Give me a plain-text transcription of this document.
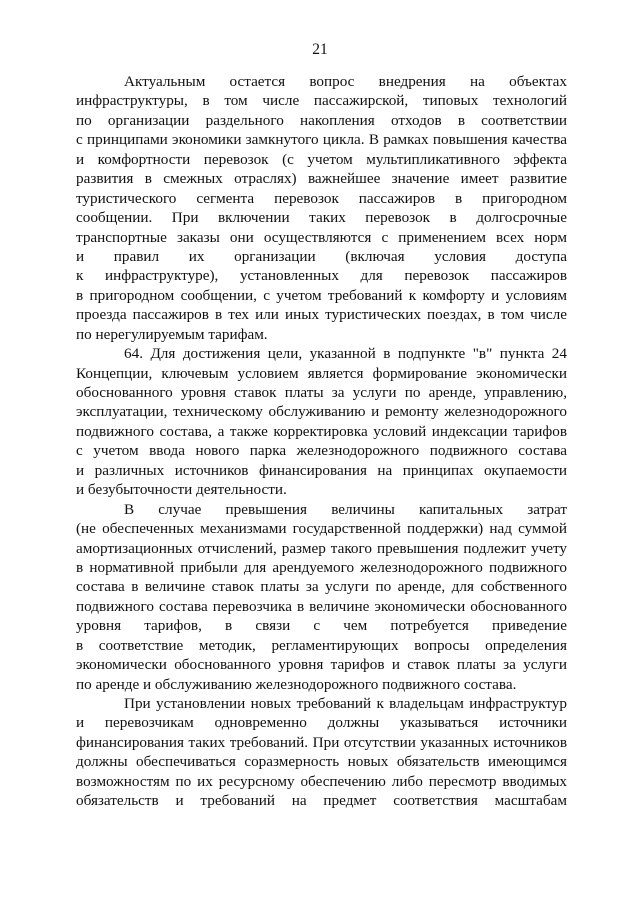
21
Актуальным остается вопрос внедрения на объектах
инфраструктуры, в том числе пассажирской, типовых технологий
по организации раздельного накопления отходов в соответствии
с принципами экономики замкнутого цикла. В рамках повышения качества
и комфортности перевозок (с учетом мультипликативного эффекта
развития в смежных отраслях) важнейшее значение имеет развитие
туристического сегмента перевозок пассажиров в пригородном
сообщении. При включении таких перевозок в долгосрочные
транспортные заказы они осуществляются с применением всех норм
и правил их организации (включая условия доступа
к инфраструктуре), установленных для перевозок пассажиров
в пригородном сообщении, с учетом требований к комфорту и условиям
проезда пассажиров в тех или иных туристических поездах, в том числе
по нерегулируемым тарифам.
64. Для достижения цели, указанной в подпункте "в" пункта 24
Концепции, ключевым условием является формирование экономически
обоснованного уровня ставок платы за услуги по аренде, управлению,
эксплуатации, техническому обслуживанию и ремонту железнодорожного
подвижного состава, а также корректировка условий индексации тарифов
с учетом ввода нового парка железнодорожного подвижного состава
и различных источников финансирования на принципах окупаемости
и безубыточности деятельности.
В случае превышения величины капитальных затрат
(не обеспеченных механизмами государственной поддержки) над суммой
амортизационных отчислений, размер такого превышения подлежит учету
в нормативной прибыли для арендуемого железнодорожного подвижного
состава в величине ставок платы за услуги по аренде, для собственного
подвижного состава перевозчика в величине экономически обоснованного
уровня тарифов, в связи с чем потребуется приведение
в соответствие методик, регламентирующих вопросы определения
экономически обоснованного уровня тарифов и ставок платы за услуги
по аренде и обслуживанию железнодорожного подвижного состава.
При установлении новых требований к владельцам инфраструктур
и перевозчикам одновременно должны указываться источники
финансирования таких требований. При отсутствии указанных источников
должны обеспечиваться соразмерность новых обязательств имеющимся
возможностям по их ресурсному обеспечению либо пересмотр вводимых
обязательств и требований на предмет соответствия масштабам
